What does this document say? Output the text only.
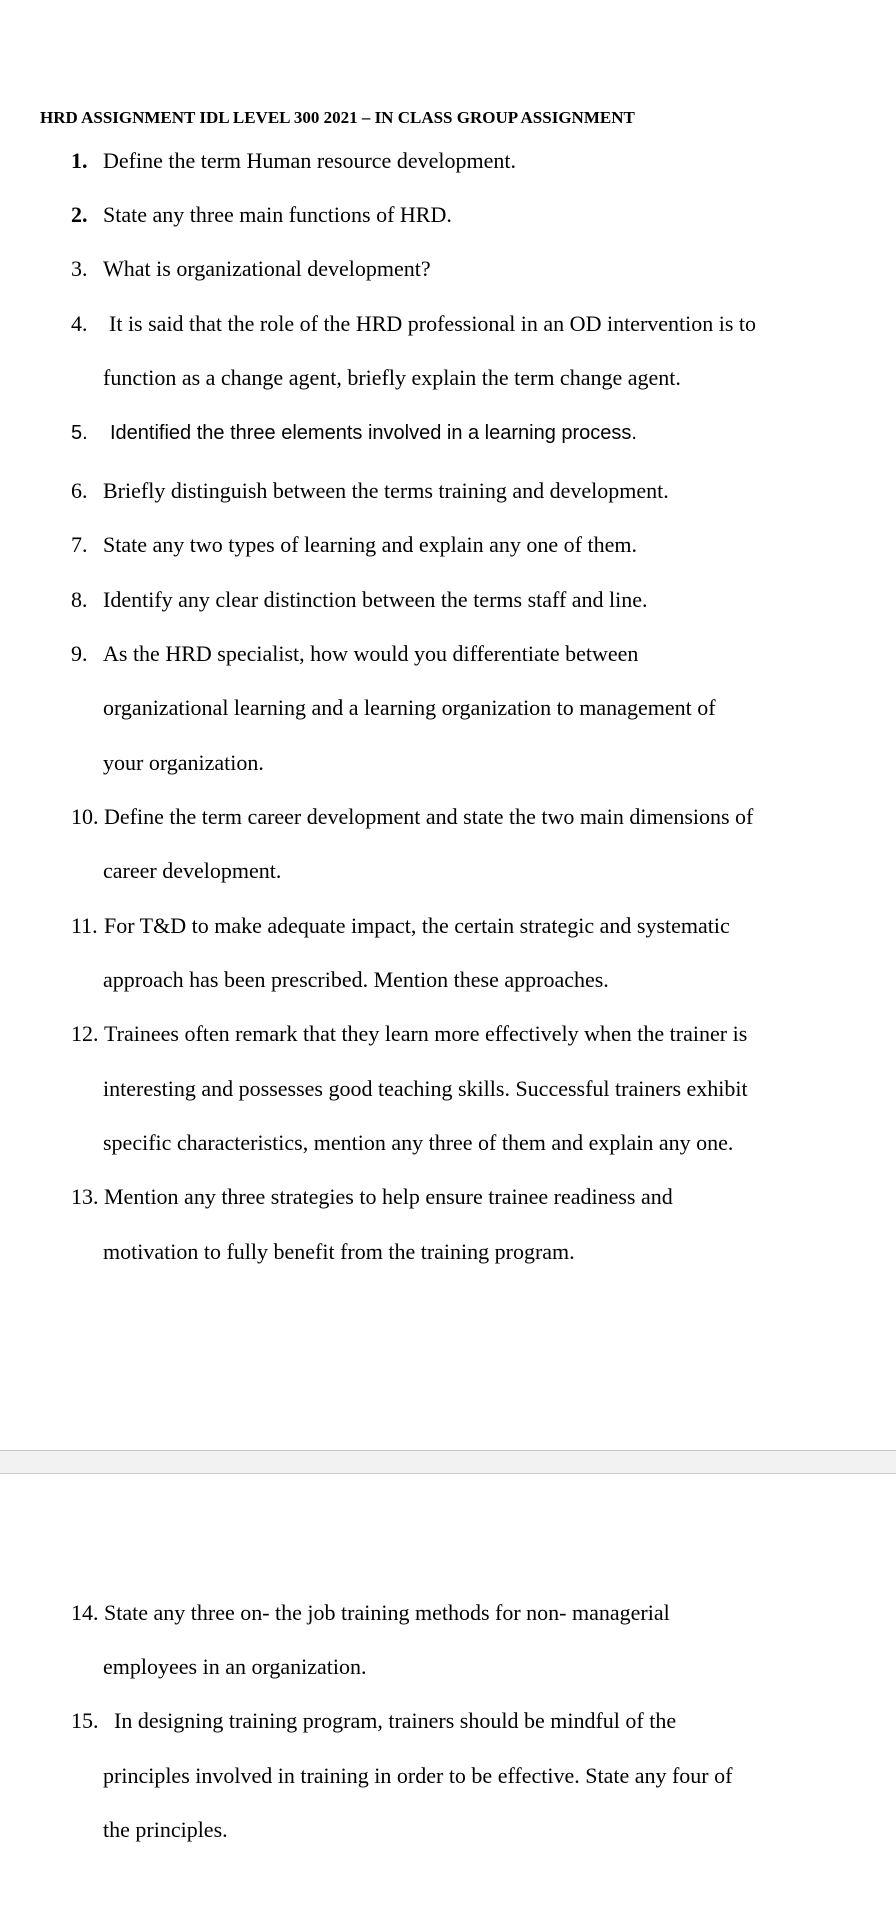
HRD ASSIGNMENT IDL LEVEL 300 2021 – IN CLASS GROUP ASSIGNMENT
1. Define the term Human resource development.
2. State any three main functions of HRD.
3. What is organizational development?
4. It is said that the role of the HRD professional in an OD intervention is to
function as a change agent, briefly explain the term change agent.
5. Identified the three elements involved in a learning process.
6. Briefly distinguish between the terms training and development.
7. State any two types of learning and explain any one of them.
8. Identify any clear distinction between the terms staff and line.
9. As the HRD specialist, how would you differentiate between
organizational learning and a learning organization to management of
your organization.
10. Define the term career development and state the two main dimensions of
career development.
11. For T&D to make adequate impact, the certain strategic and systematic
approach has been prescribed. Mention these approaches.
12. Trainees often remark that they learn more effectively when the trainer is
interesting and possesses good teaching skills. Successful trainers exhibit
specific characteristics, mention any three of them and explain any one.
13. Mention any three strategies to help ensure trainee readiness and
motivation to fully benefit from the training program.
14. State any three on- the job training methods for non- managerial
employees in an organization.
15. In designing training program, trainers should be mindful of the
principles involved in training in order to be effective. State any four of
the principles.
